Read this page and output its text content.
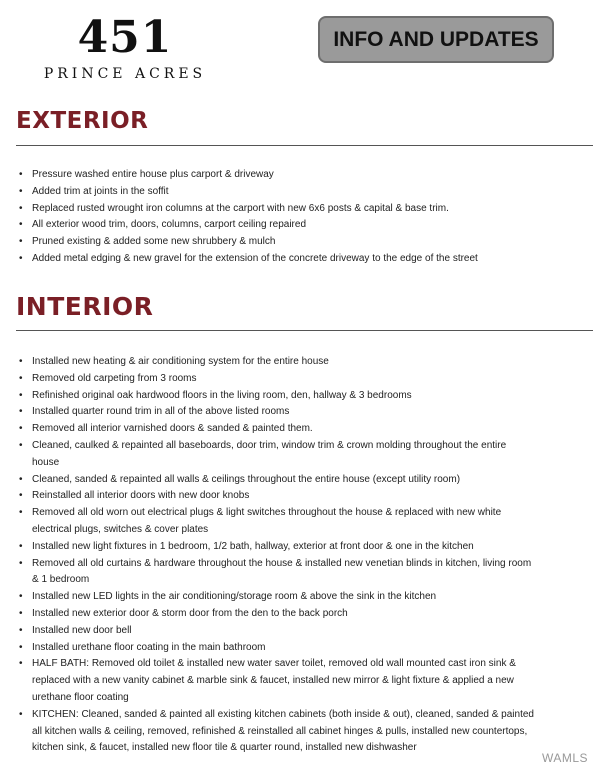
451
PRINCE ACRES
INFO AND UPDATES
EXTERIOR
• Pressure washed entire house plus carport & driveway
• Added trim at joints in the soffit
• Replaced rusted wrought iron columns at the carport with new 6x6 posts & capital & base trim.
• All exterior wood trim, doors, columns, carport ceiling repaired
• Pruned existing & added some new shrubbery & mulch
• Added metal edging & new gravel for the extension of the concrete driveway to the edge of the street
INTERIOR
• Installed new heating & air conditioning system for the entire house
• Removed old carpeting from 3 rooms
• Refinished original oak hardwood floors in the living room, den, hallway & 3 bedrooms
• Installed quarter round trim in all of the above listed rooms
• Removed all interior varnished doors & sanded & painted them.
• Cleaned, caulked & repainted all baseboards, door trim, window trim & crown molding throughout the entire house
• Cleaned, sanded & repainted all walls & ceilings throughout the entire house (except utility room)
• Reinstalled all interior doors with new door knobs
• Removed all old worn out electrical plugs & light switches throughout the house & replaced with new white electrical plugs, switches & cover plates
• Installed new light fixtures in 1 bedroom, 1/2 bath, hallway, exterior at front door & one in the kitchen
• Removed all old curtains & hardware throughout the house & installed new venetian blinds in kitchen, living room & 1 bedroom
• Installed new LED lights in the air conditioning/storage room & above the sink in the kitchen
• Installed new exterior door & storm door from the den to the back porch
• Installed new door bell
• Installed urethane floor coating in the main bathroom
• HALF BATH: Removed old toilet & installed new water saver toilet, removed old wall mounted cast iron sink & replaced with a new vanity cabinet & marble sink & faucet, installed new mirror & light fixture & applied a new urethane floor coating
• KITCHEN: Cleaned, sanded & painted all existing kitchen cabinets (both inside & out), cleaned, sanded & painted all kitchen walls & ceiling, removed, refinished & reinstalled all cabinet hinges & pulls, installed new countertops, kitchen sink, & faucet, installed new floor tile & quarter round, installed new dishwasher
WAMLS
